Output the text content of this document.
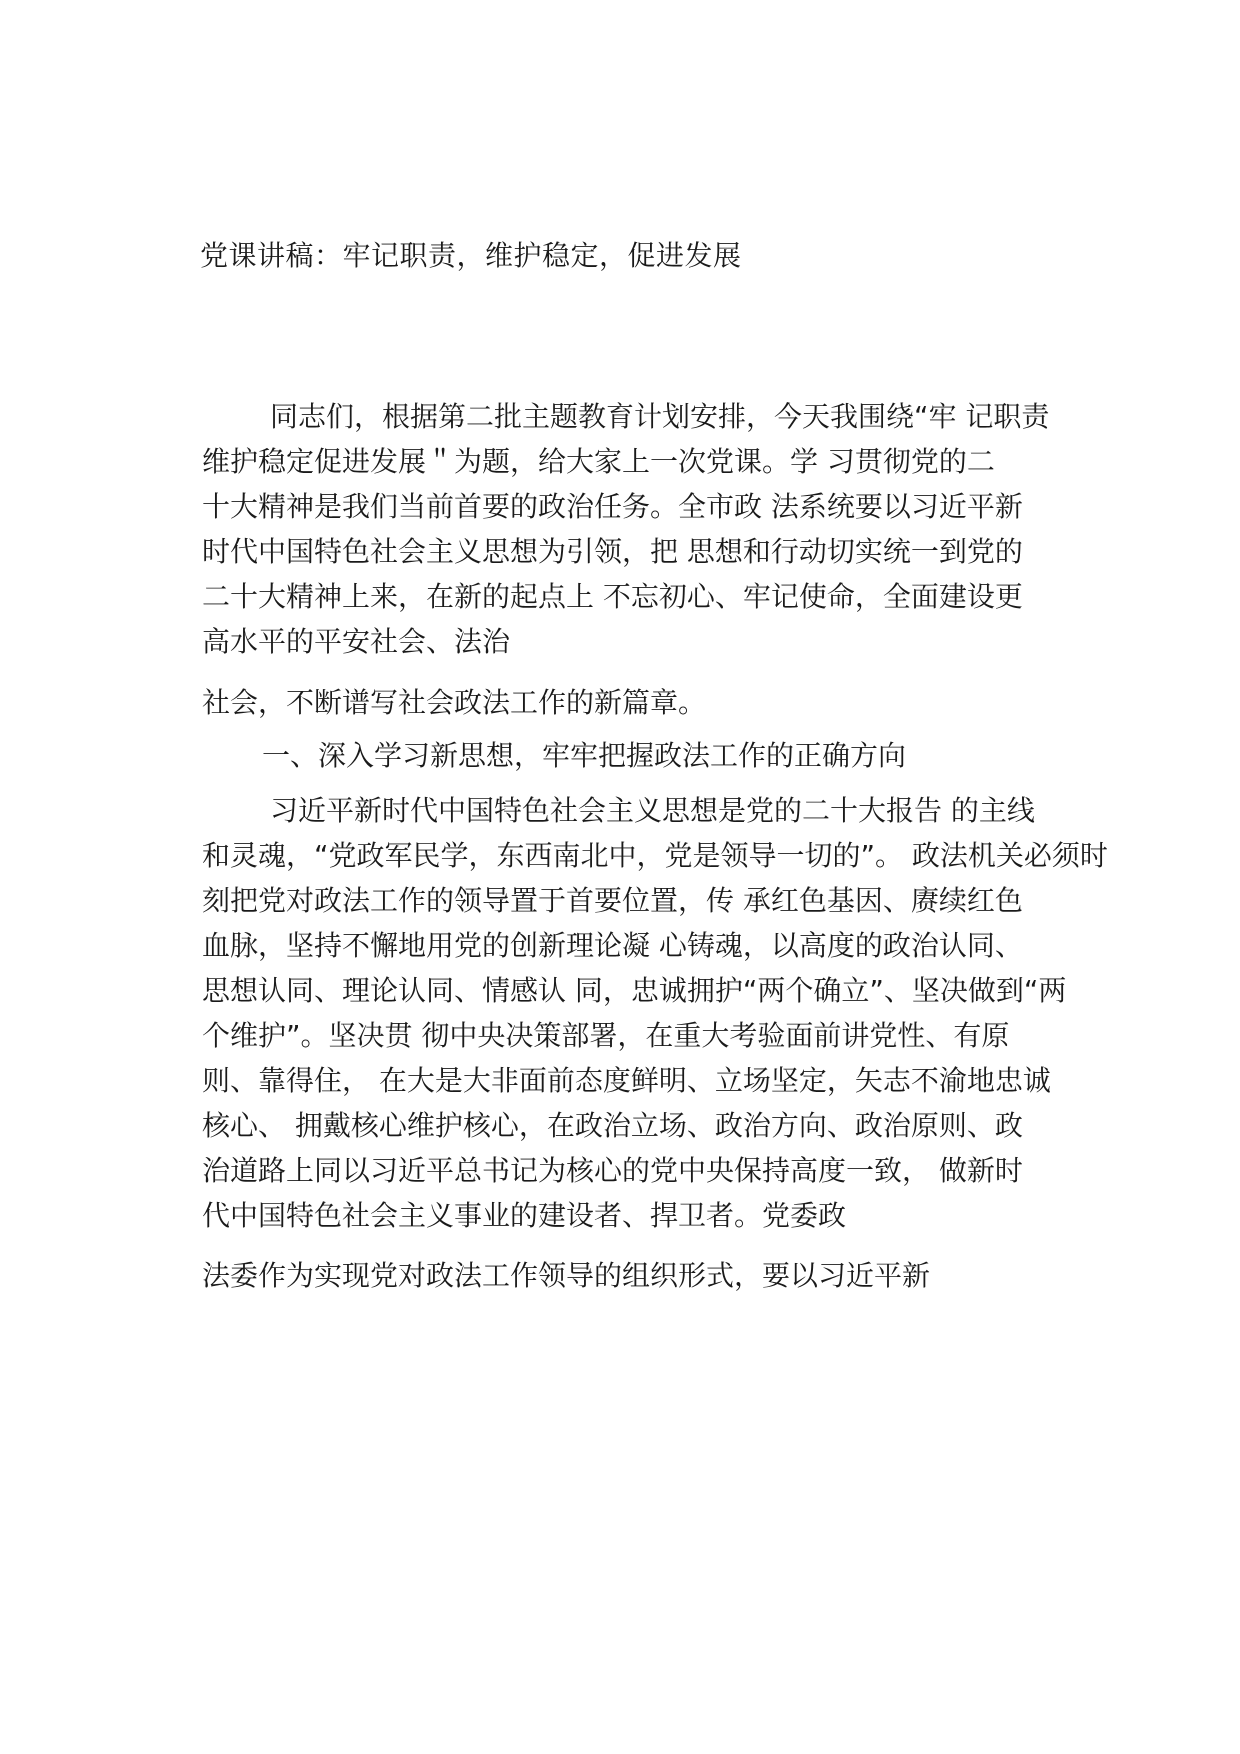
党课讲稿：牢记职责，维护稳定，促进发展

同志们，根据第二批主题教育计划安排，今天我围绕“牢 记职责
维护稳定促进发展＂为题，给大家上一次党课。学 习贯彻党的二
十大精神是我们当前首要的政治任务。全市政 法系统要以习近平新
时代中国特色社会主义思想为引领，把 思想和行动切实统一到党的
二十大精神上来，在新的起点上 不忘初心、牢记使命，全面建设更
高水平的平安社会、法治

社会，不断谱写社会政法工作的新篇章。

一、深入学习新思想，牢牢把握政法工作的正确方向

习近平新时代中国特色社会主义思想是党的二十大报告 的主线
和灵魂，“党政军民学，东西南北中，党是领导一切的”。 政法机关必须时
刻把党对政法工作的领导置于首要位置，传 承红色基因、赓续红色
血脉，坚持不懈地用党的创新理论凝 心铸魂，以高度的政治认同、
思想认同、理论认同、情感认 同，忠诚拥护“两个确立”、坚决做到“两
个维护”。坚决贯 彻中央决策部署，在重大考验面前讲党性、有原
则、靠得住， 在大是大非面前态度鲜明、立场坚定，矢志不渝地忠诚
核心、 拥戴核心维护核心，在政治立场、政治方向、政治原则、政
治道路上同以习近平总书记为核心的党中央保持高度一致， 做新时
代中国特色社会主义事业的建设者、捍卫者。党委政

法委作为实现党对政法工作领导的组织形式，要以习近平新
